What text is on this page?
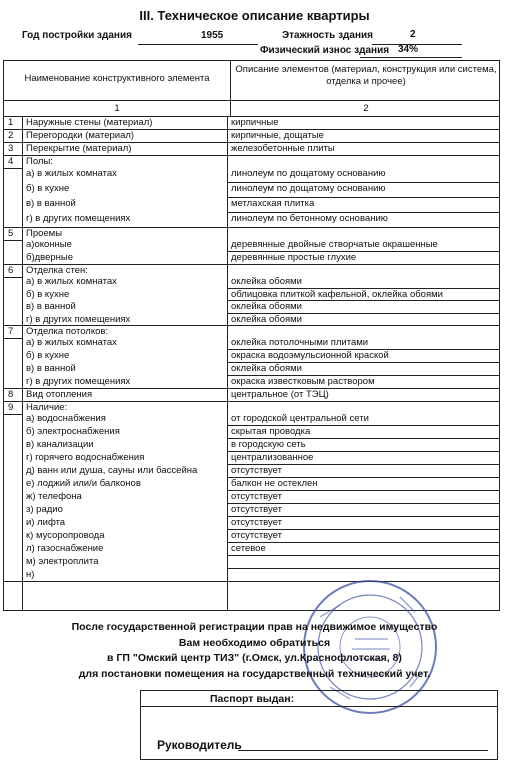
III. Техническое описание квартиры
Год постройки здания	1955	Этажность здания	2
Физический износ здания 34%
Наименование конструктивного элемента
Описание элементов (материал, конструкция или система, отделка и прочее)
1	2
1 Наружные стены (материал)	кирпичные
2 Перегородки (материал)	кирпичные, дощатые
3 Перекрытие (материал)	железобетонные плиты
4 Полы:
а) в жилых комнатах	линолеум по дощатому основанию
б) в кухне	линолеум по дощатому основанию
в) в ванной	метлахская плитка
г) в других помещениях	линолеум по бетонному основанию
5 Проемы
а)оконные	деревянные двойные створчатые окрашенные
б)дверные	деревянные простые глухие
6 Отделка стен:
а) в жилых комнатах	оклейка обоями
б) в кухне	облицовка плиткой кафельной, оклейка обоями
в) в ванной	оклейка обоями
г) в других помещениях	оклейка обоями
7 Отделка потолков:
а) в жилых комнатах	оклейка потолочными плитами
б) в кухне	окраска водоэмульсионной краской
в) в ванной	оклейка обоями
г) в других помещениях	окраска известковым раствором
8 Вид отопления	центральное (от ТЭЦ)
9 Наличие:
а) водоснабжения	от городской центральной сети
б) электроснабжения	скрытая проводка
в) канализации	в городскую сеть
г) горячего водоснабжения	централизованное
д) ванн или душа, сауны или бассейна	отсутствует
е) лоджий или/и балконов	балкон не остеклен
ж) телефона	отсутствует
з) радио	отсутствует
и) лифта	отсутствует
к) мусоропровода	отсутствует
л) газоснабжение	сетевое
м) электроплита
н)
После государственной регистрации прав на недвижимое имущество
Вам необходимо обратиться
в ГП "Омский центр ТИЗ" (г.Омск, ул.Краснофлотская, 8)
для постановки помещения на государственный технический учет.
Паспорт выдан:
Руководитель
